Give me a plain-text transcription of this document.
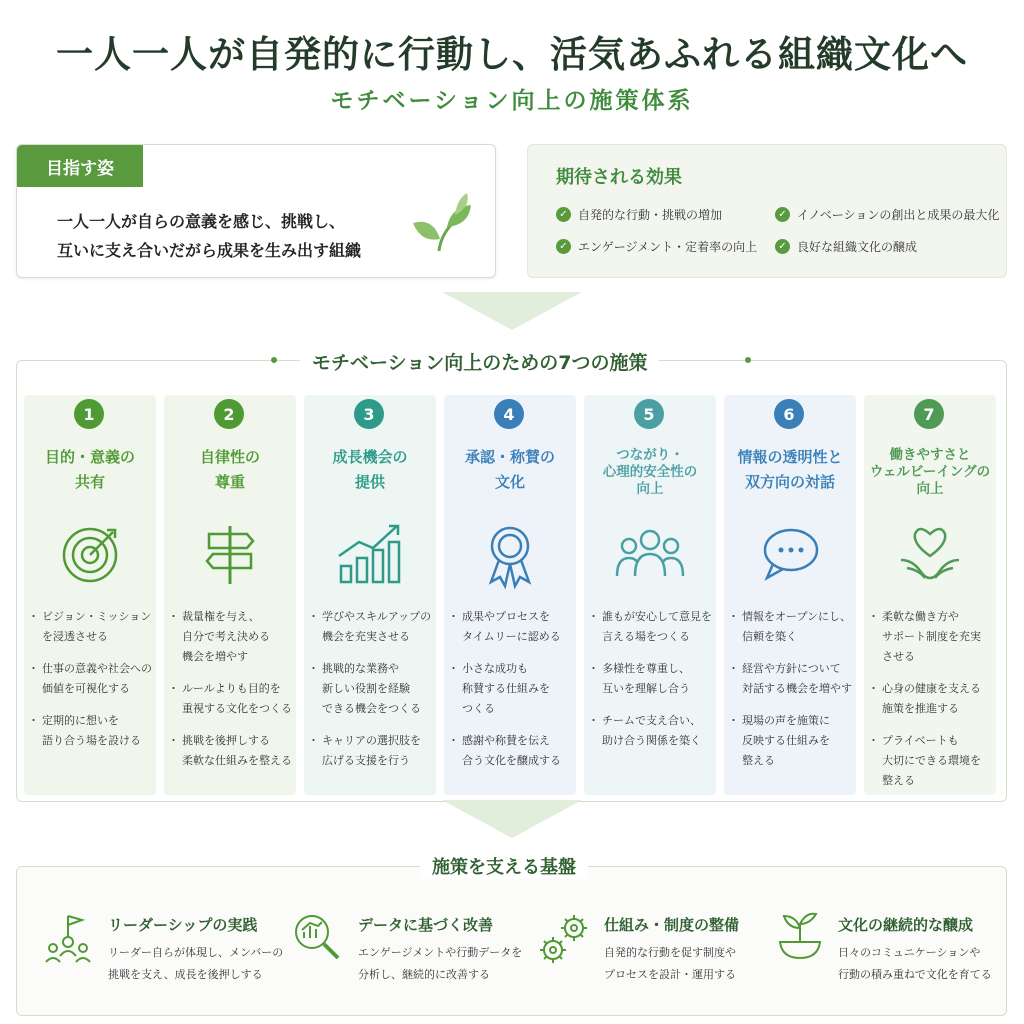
一人一人が自発的に行動し、活気あふれる組織文化へ
モチベーション向上の施策体系
目指す姿
一人一人が自らの意義を感じ、挑戦し、
互いに支え合いだがら成果を生み出す組織
期待される効果
✓ 自発的な行動・挑戦の増加	✓ イノベーションの創出と成果の最大化
✓ エンゲージメント・定着率の向上	✓ 良好な組織文化の醸成
モチベーション向上のための7つの施策
1
目的・意義の
共有
・ ビジョン・ミッション
を浸透させる
・ 仕事の意義や社会への
価値を可視化する
・ 定期的に想いを
語り合う場を設ける
2
自律性の
尊重
・ 裁量権を与え、
自分で考え決める
機会を増やす
・ ルールよりも目的を
重視する文化をつくる
・ 挑戦を後押しする
柔軟な仕組みを整える
3
成長機会の
提供
・ 学びやスキルアップの
機会を充実させる
・ 挑戦的な業務や
新しい役割を経験
できる機会をつくる
・ キャリアの選択肢を
広げる支援を行う
4
承認・称賛の
文化
・ 成果やプロセスを
タイムリーに認める
・ 小さな成功も
称賛する仕組みを
つくる
・ 感謝や称賛を伝え
合う文化を醸成する
5
つながり・
心理的安全性の
向上
・ 誰もが安心して意見を
言える場をつくる
・ 多様性を尊重し、
互いを理解し合う
・ チームで支え合い、
助け合う関係を築く
6
情報の透明性と
双方向の対話
・ 情報をオープンにし、
信頼を築く
・ 経営や方針について
対話する機会を増やす
・ 現場の声を施策に
反映する仕組みを
整える
7
働きやすさと
ウェルビーイングの
向上
・ 柔軟な働き方や
サポート制度を充実
させる
・ 心身の健康を支える
施策を推進する
・ プライベートも
大切にできる環境を
整える
施策を支える基盤
リーダーシップの実践
リーダー自らが体現し、メンバーの
挑戦を支え、成長を後押しする
データに基づく改善
エンゲージメントや行動データを
分析し、継続的に改善する
仕組み・制度の整備
自発的な行動を促す制度や
プロセスを設計・運用する
文化の継続的な醸成
日々のコミュニケーションや
行動の積み重ねで文化を育てる
